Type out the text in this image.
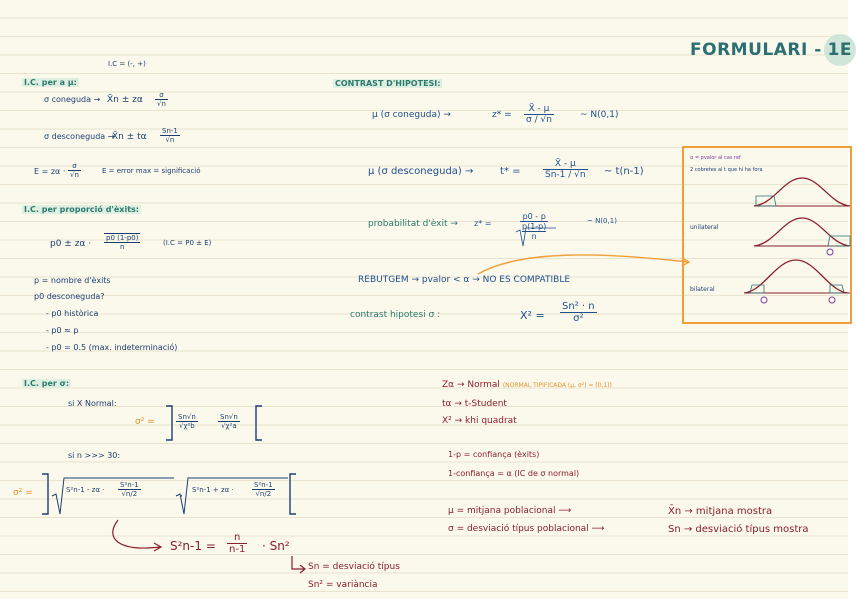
FORMULARI - 1E
I.C = (-, +)
I.C. per a μ:
σ coneguda → X̄n ± zα $\frac{\sigma}{√n}$
σ desconeguda →
X̄n ± tα $\frac{Sn-1}{√n}$
$E = z\alpha \cdot \frac{\sigma}{√n}$	E = error max = significació
I.C. per proporció d'èxits:
$p0 \pm z\alpha \cdot \frac{p0 (1-p0)}{n}$	(I.C = P0 ± E)
p = nombre d'èxits
p0 desconeguda?
- p0 històrica
- p0 ≈ p
- p0 = 0.5 (max. indeterminació)
I.C. per σ:
si X Normal:
σ² =	$\frac{Sn√n}{\text{√χ²b}}$	$\frac{Sn√n}{\text{√χ²a}}$
si n >>> 30:
σ² =	$S^2n-1 - z\alpha \cdot \frac{\text{S²n-1}}{√n/2}$	S²n-1 + zα ·	$\frac{\text{S²n-1}}{√n/2}$
$S^2n-1 = \frac{n}{n-1} \cdot Sn^2$
Sn = desviació típus
Sn² = variància
CONTRAST D'HIPOTESI:
μ (σ coneguda) →	$z* = \frac{X̄ - \mu}{\sigma / √n}$	~ N(0,1)
μ (σ desconeguda) →	t* =	$\frac{X̄ - \mu}{Sn-1 / √n}$ ~ t(n-1)
probabilitat d'èxit → z* =	p0 - p
p(1-p)
n	~ N(0,1)
REBUTGEM → pvalor < α → NO ES COMPATIBLE
contrast hipotesi σ :	$X^2 = \frac{\text{Sn² · n}}{\text{σ²}}$
α = pvalor al cas ref
2 cobretes al t que hi ha fora
unilateral
bilateral
Zα → Normal (NORMAL TIPIFICADA (μ, σ²) = (0,1))
tα → t-Student
X² → khi quadrat
1-p = confiança (èxits)
1-confiança = α (IC de σ normal)
μ = mitjana poblacional ⟶	X̄n → mitjana mostra
σ = desviació típus poblacional ⟶	Sn → desviació típus mostra
,
